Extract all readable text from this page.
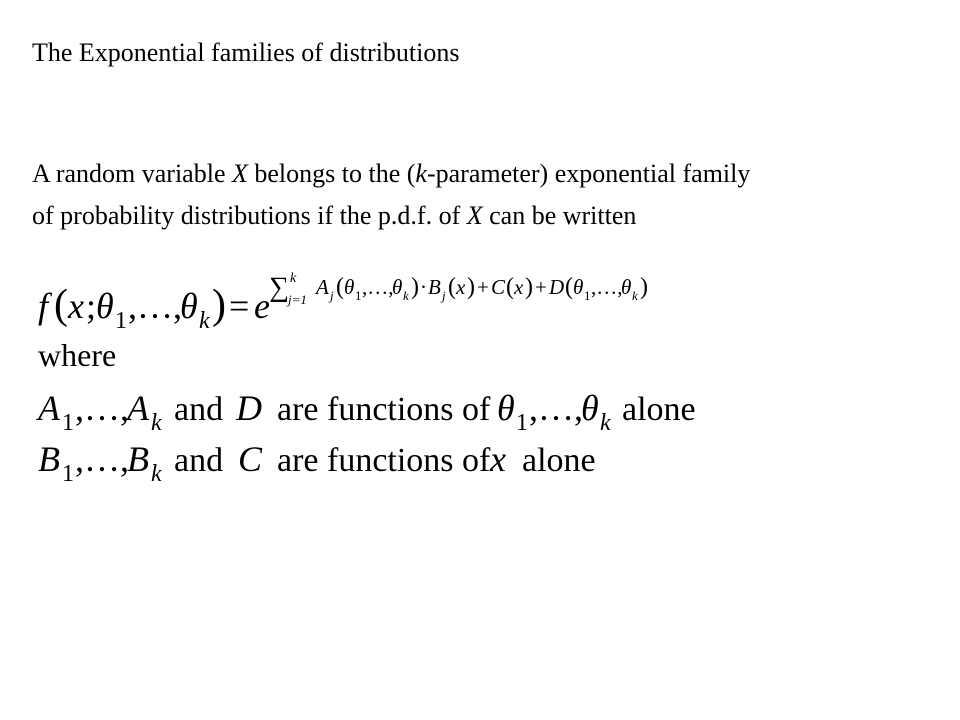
The Exponential families of distributions
A random variable X belongs to the (k-parameter) exponential family
of probability distributions if the p.d.f. of X can be written
f ( x ; θ 1 ,…,
θ k ) = e ∑ k
j=1
A j ( θ 1 ,…,
θ k ) · B j ( x ) + C ( x ) + D ( θ 1 ,…,
θ k )
where
A 1 ,…,
A k and D are functions of θ 1 ,…,
θ k alone
B 1 ,…,
B k and C are functions of x alone
